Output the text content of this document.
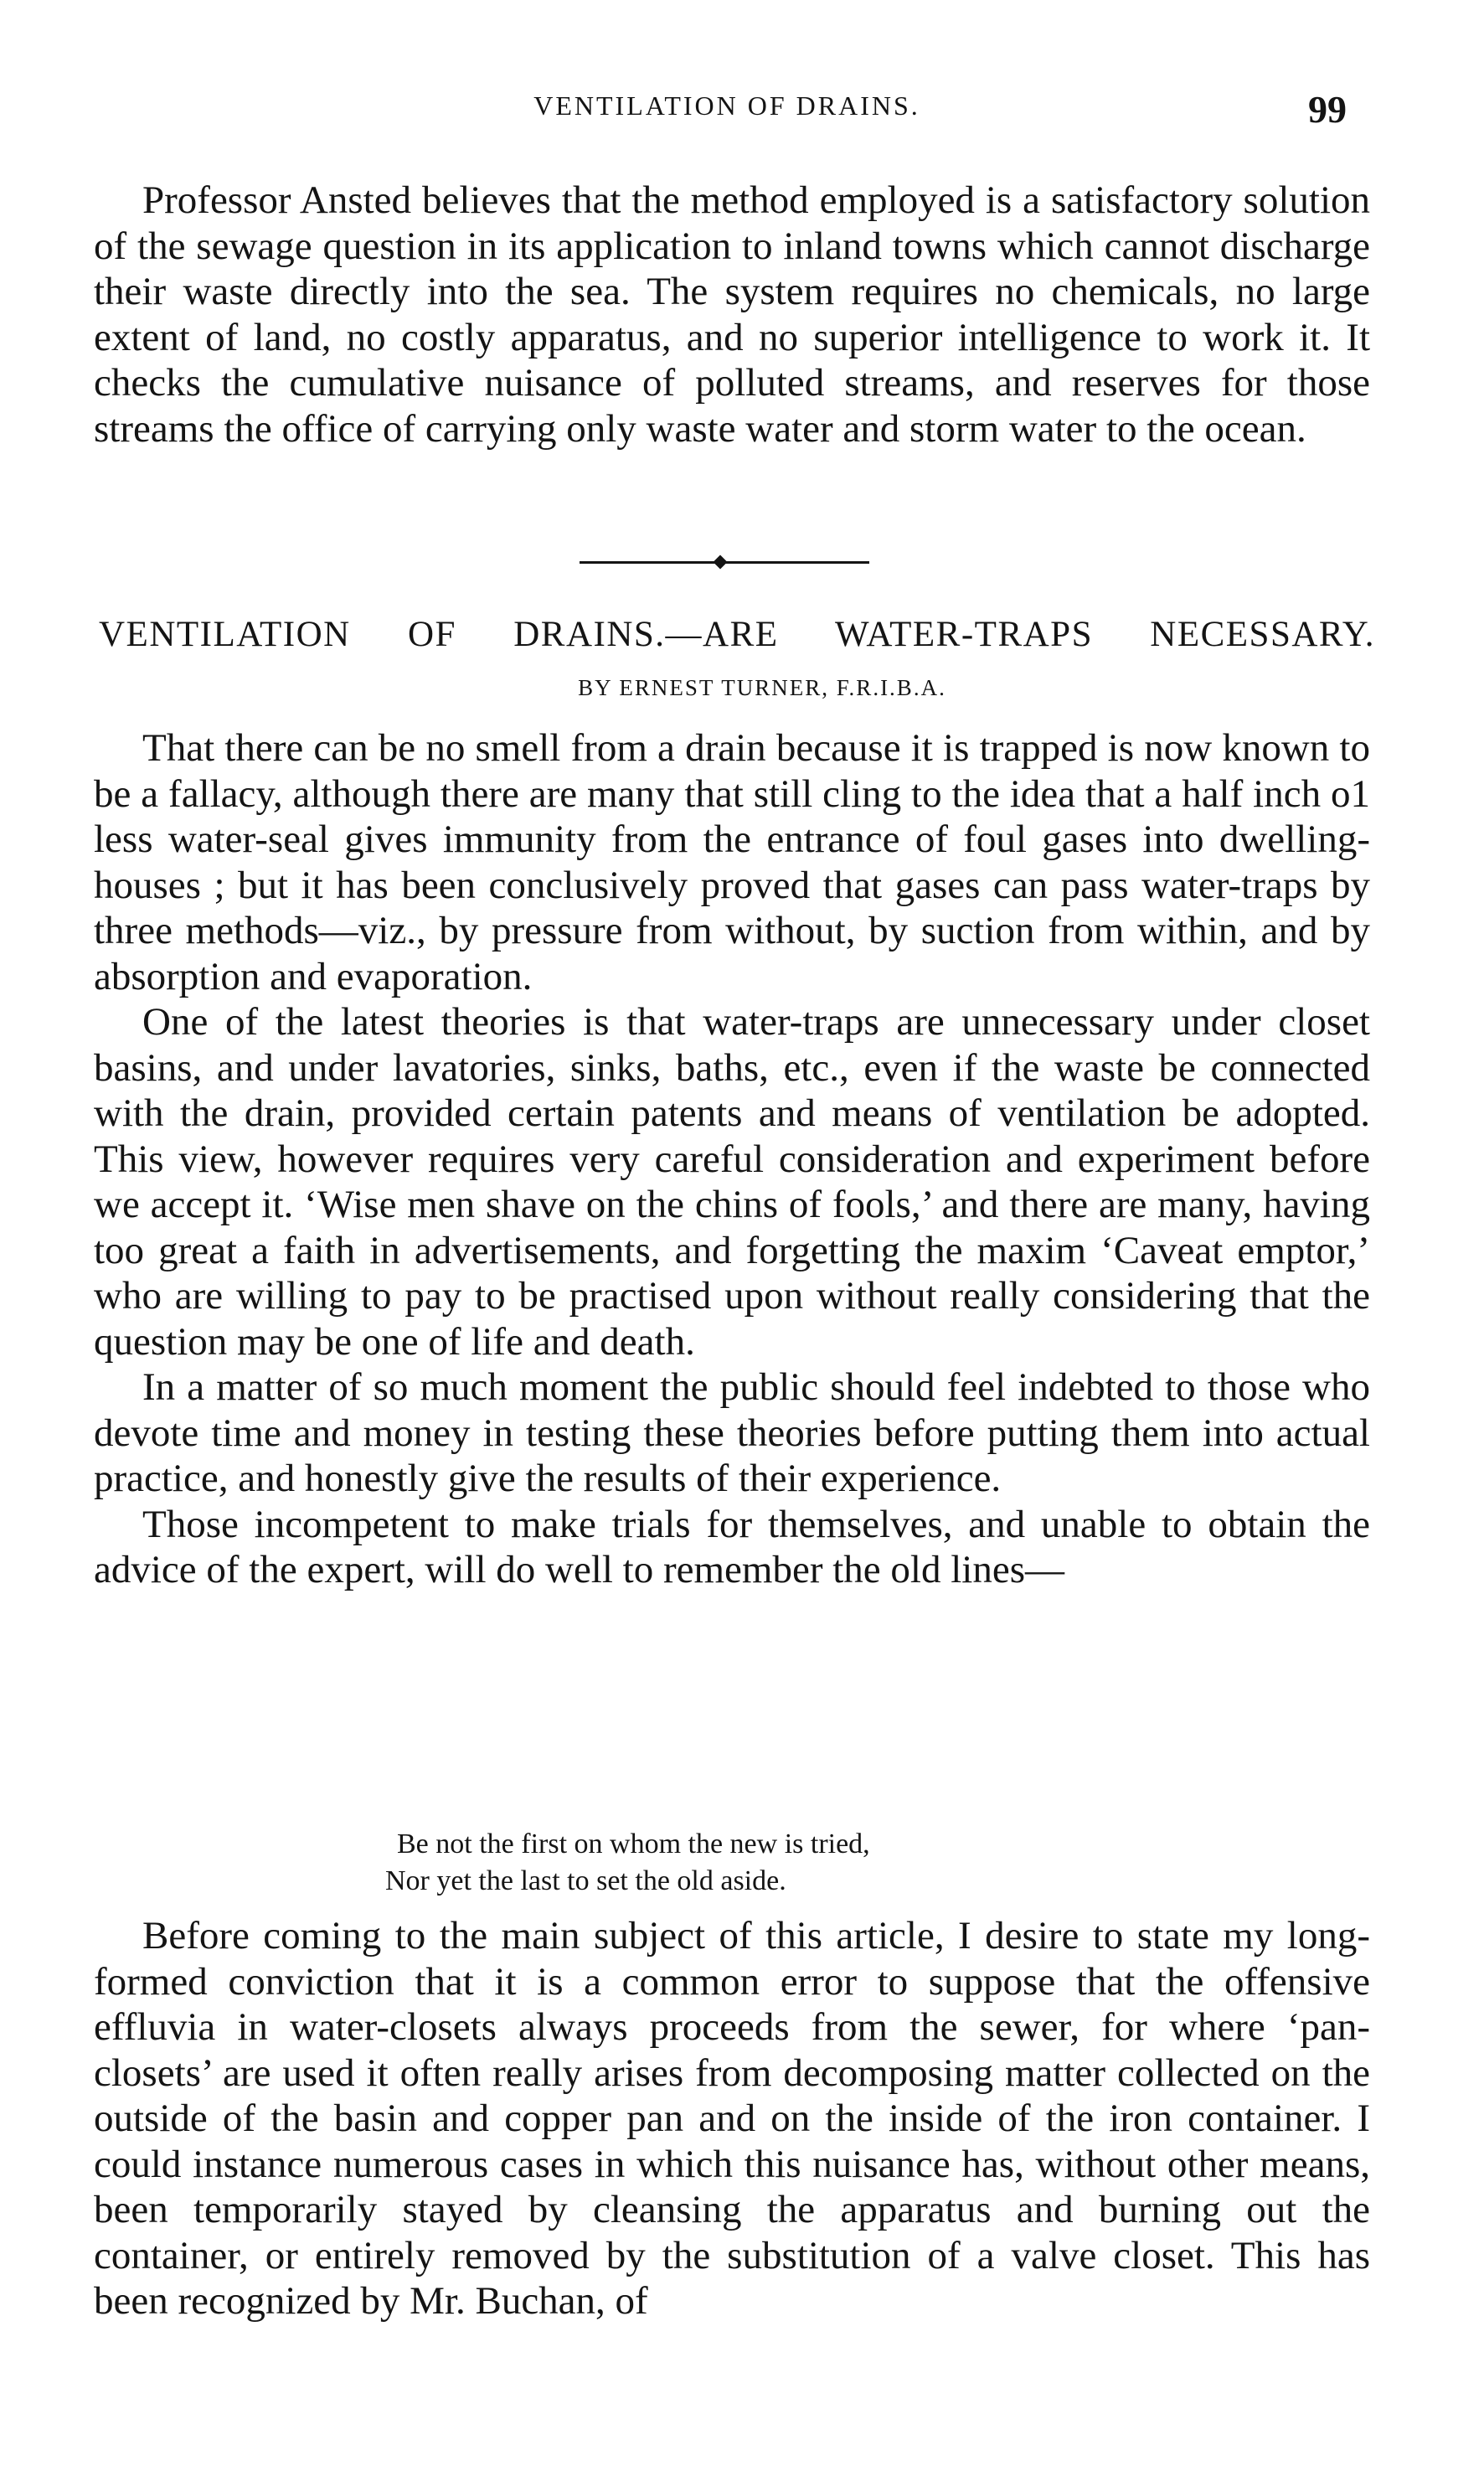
VENTILATION OF DRAINS.	99

Professor Ansted believes that the method employed is a satisfactory solution of the sewage question in its application to inland towns which cannot discharge their waste directly into the sea. The system requires no chemicals, no large extent of land, no costly apparatus, and no superior intelligence to work it. It checks the cumulative nuisance of polluted streams, and reserves for those streams the office of carrying only waste water and storm water to the ocean.

VENTILATION OF DRAINS.—ARE WATER-TRAPS NECESSARY.
BY ERNEST TURNER, F.R.I.B.A.

That there can be no smell from a drain because it is trapped is now known to be a fallacy, although there are many that still cling to the idea that a half inch o1 less water-seal gives immunity from the entrance of foul gases into dwelling-houses ; but it has been conclusively proved that gases can pass water-traps by three methods—viz., by pressure from without, by suction from within, and by absorption and evaporation.

One of the latest theories is that water-traps are unnecessary under closet basins, and under lavatories, sinks, baths, etc., even if the waste be connected with the drain, provided certain patents and means of ventilation be adopted. This view, however requires very careful consideration and experiment before we accept it. ‘Wise men shave on the chins of fools,’ and there are many, having too great a faith in advertisements, and forgetting the maxim ‘Caveat emptor,’ who are willing to pay to be practised upon without really considering that the question may be one of life and death.

In a matter of so much moment the public should feel indebted to those who devote time and money in testing these theories before putting them into actual practice, and honestly give the results of their experience.

Those incompetent to make trials for themselves, and unable to obtain the advice of the expert, will do well to remember the old lines—

Be not the first on whom the new is tried,
Nor yet the last to set the old aside.

Before coming to the main subject of this article, I desire to state my long-formed conviction that it is a common error to suppose that the offensive effluvia in water-closets always proceeds from the sewer, for where ‘pan-closets’ are used it often really arises from decomposing matter collected on the outside of the basin and copper pan and on the inside of the iron container. I could instance numerous cases in which this nuisance has, without other means, been temporarily stayed by cleansing the apparatus and burning out the container, or entirely removed by the substitution of a valve closet. This has been recognized by Mr. Buchan, of
